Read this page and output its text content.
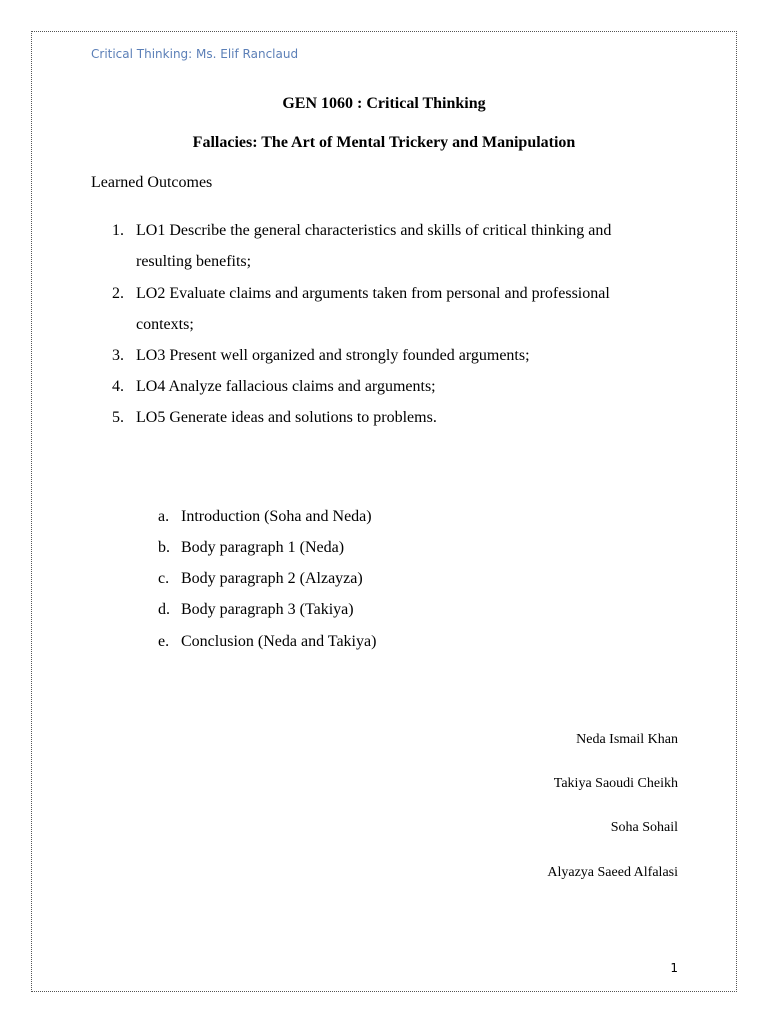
Critical Thinking: Ms. Elif Ranclaud
GEN 1060 : Critical Thinking
Fallacies: The Art of Mental Trickery and Manipulation
Learned Outcomes
1. LO1 Describe the general characteristics and skills of critical thinking and
resulting benefits;
2. LO2 Evaluate claims and arguments taken from personal and professional
contexts;
3. LO3 Present well organized and strongly founded arguments;
4. LO4 Analyze fallacious claims and arguments;
5. LO5 Generate ideas and solutions to problems.
a. Introduction (Soha and Neda)
b. Body paragraph 1 (Neda)
c. Body paragraph 2 (Alzayza)
d. Body paragraph 3 (Takiya)
e. Conclusion (Neda and Takiya)
Neda Ismail Khan
Takiya Saoudi Cheikh
Soha Sohail
Alyazya Saeed Alfalasi
1
